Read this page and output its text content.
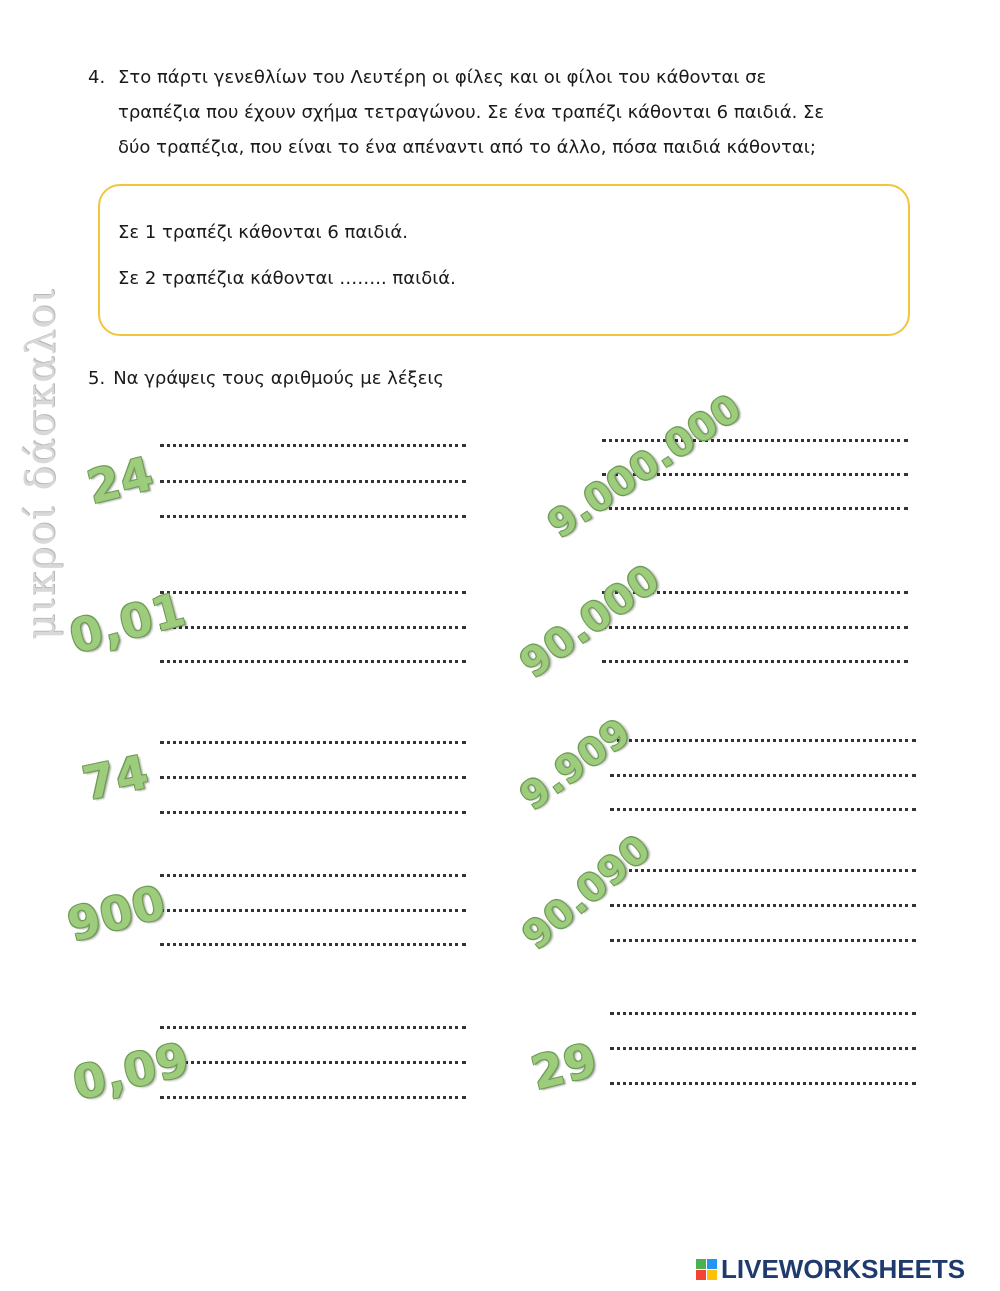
4. Στο πάρτι γενεθλίων του Λευτέρη οι φίλες και οι φίλοι του κάθονται σε
τραπέζια που έχουν σχήμα τετραγώνου. Σε ένα τραπέζι κάθονται 6 παιδιά. Σε
δύο τραπέζια, που είναι το ένα απέναντι από το άλλο, πόσα παιδιά κάθονται;
Σε 1 τραπέζι κάθονται 6 παιδιά.
Σε 2 τραπέζια κάθονται …….. παιδιά.
5. Να γράψεις τους αριθμούς με λέξεις
24
0,01
74
900
0,09
9.000.000
90.000
9.909
90.090
29
μικροί δάσκαλοι
LIVEWORKSHEETS
